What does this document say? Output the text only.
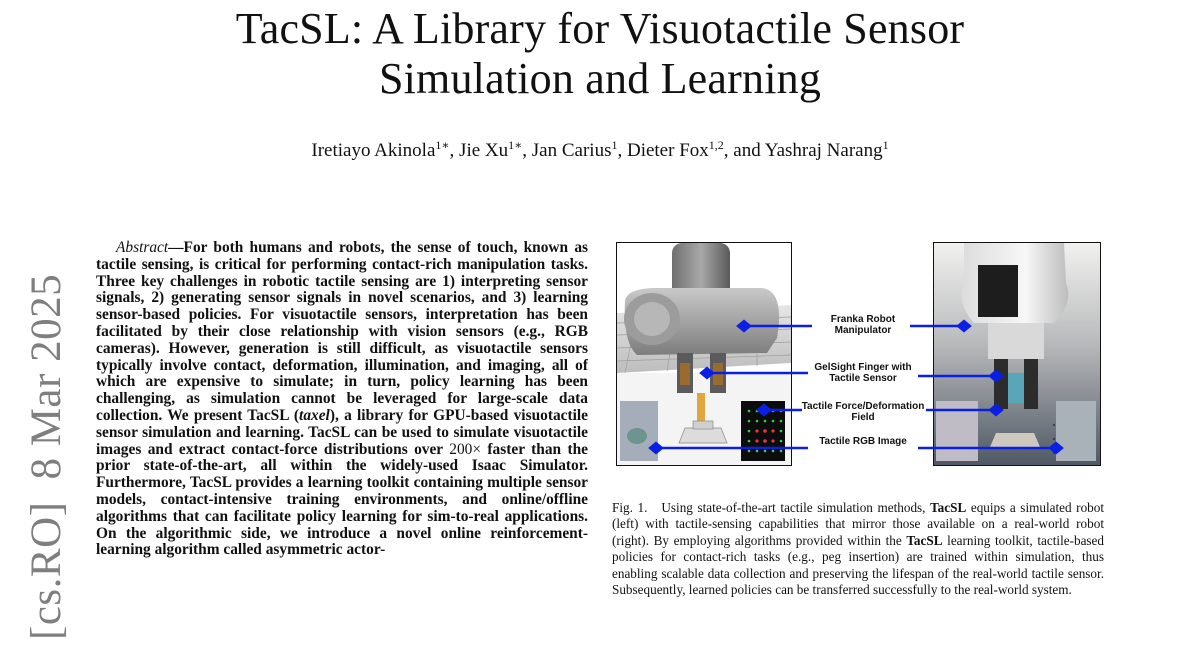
TacSL: A Library for Visuotactile Sensor
Simulation and Learning
Iretiayo Akinola$^{1∗}$, Jie $Xu^{1∗}$, Jan Carius$^1$, Dieter Fox$^{1,2}$, and Yashraj Narang$^1$
[cs.RO]8 Mar 2025
Abstract—For both humans and robots, the sense of touch, known as tactile sensing, is critical for performing contact-rich manipulation tasks. Three key challenges in robotic tactile sensing are 1) interpreting sensor signals, 2) generating sensor signals in novel scenarios, and 3) learning sensor-based policies. For visuotactile sensors, interpretation has been facilitated by their close relationship with vision sensors (e.g., RGB cameras). However, generation is still difficult, as visuotactile sensors typically involve contact, deformation, illumination, and imaging, all of which are expensive to simulate; in turn, policy learning has been challenging, as simulation cannot be leveraged for large-scale data collection. We present TacSL (taxel), a library for GPU-based visuotactile sensor simulation and learning. TacSL can be used to simulate visuotactile images and extract contact-force distributions over 200× faster than the prior state-of-the-art, all within the widely-used Isaac Simulator. Furthermore, TacSL provides a learning toolkit containing multiple sensor models, contact-intensive training environments, and online/offline algorithms that can facilitate policy learning for sim-to-real applications. On the algorithmic side, we introduce a novel online reinforcement-learning algorithm called asymmetric actor-
Franka Robot Manipulator
GelSight Finger with Tactile Sensor
Tactile Force/Deformation Field
Tactile RGB Image
Fig. 1. Using state-of-the-art tactile simulation methods, TacSL equips a simulated robot (left) with tactile-sensing capabilities that mirror those available on a real-world robot (right). By employing algorithms provided within the TacSL learning toolkit, tactile-based policies for contact-rich tasks (e.g., peg insertion) are trained within simulation, thus enabling scalable data collection and preserving the lifespan of the real-world tactile sensor. Subsequently, learned policies can be transferred successfully to the real-world system.
